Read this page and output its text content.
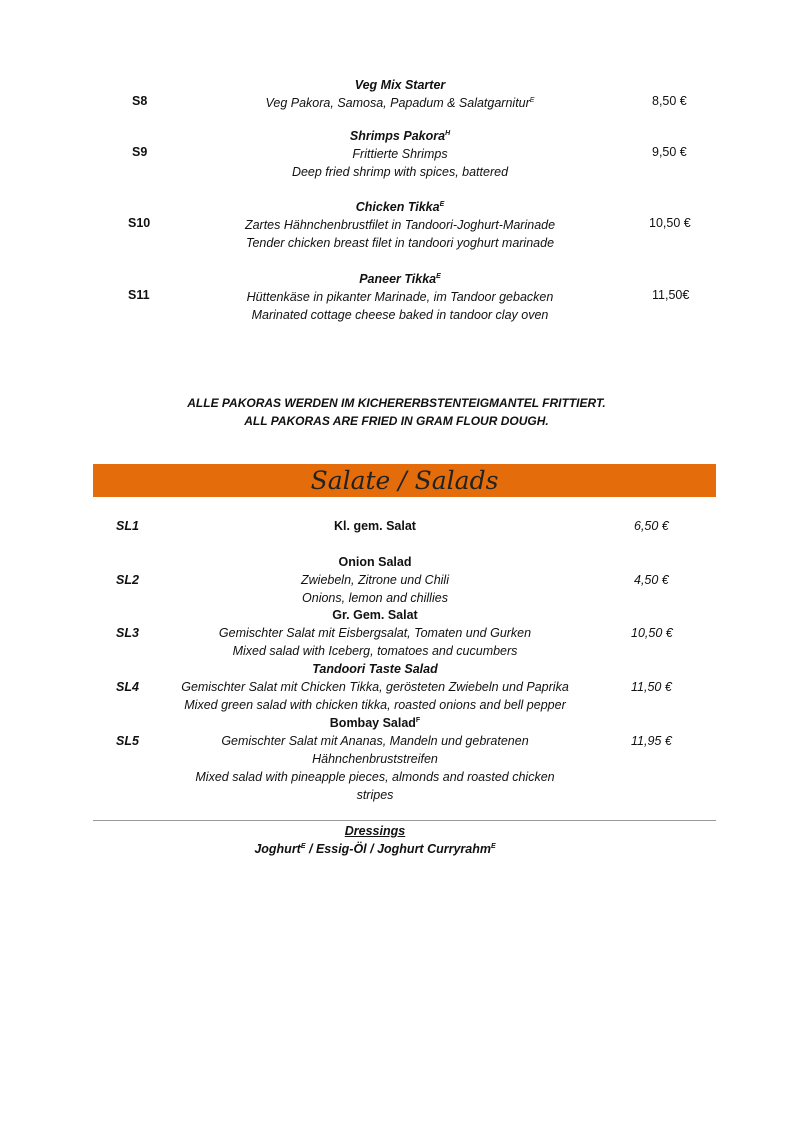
Veg Mix Starter
Veg Pakora, Samosa, Papadum & Salatgarnitur$^E$
S8	8,50 €
Shrimps Pakora$^H$
Frittierte Shrimps
Deep fried shrimp with spices, battered
S9	9,50 €
Chicken Tikka$^E$
Zartes Hähnchenbrustfilet in Tandoori-Joghurt-Marinade
Tender chicken breast filet in tandoori yoghurt marinade
S10	10,50 €
Paneer Tikka$^E$
Hüttenkäse in pikanter Marinade, im Tandoor gebacken
Marinated cottage cheese baked in tandoor clay oven
S11	11,50€
ALLE PAKORAS WERDEN IM KICHERERBSTENTEIGMANTEL FRITTIERT.
ALL PAKORAS ARE FRIED IN GRAM FLOUR DOUGH.
Salate / Salads
Kl. gem. Salat
SL1	6,50 €
Onion Salad
Zwiebeln, Zitrone und Chili
Onions, lemon and chillies
SL2	4,50 €
Gr. Gem. Salat
Gemischter Salat mit Eisbergsalat, Tomaten und Gurken
Mixed salad with Iceberg, tomatoes and cucumbers
SL3	10,50 €
Tandoori Taste Salad
Gemischter Salat mit Chicken Tikka, gerösteten Zwiebeln und Paprika
Mixed green salad with chicken tikka, roasted onions and bell pepper
SL4	11,50 €
Bombay Salad$^F$
Gemischter Salat mit Ananas, Mandeln und gebratenen
Hähnchenbruststreifen
Mixed salad with pineapple pieces, almonds and roasted chicken
stripes
SL5	11,95 €
Dressings
Joghurt$^E$ / Essig-Öl / Joghurt Curryrahm$^E$
